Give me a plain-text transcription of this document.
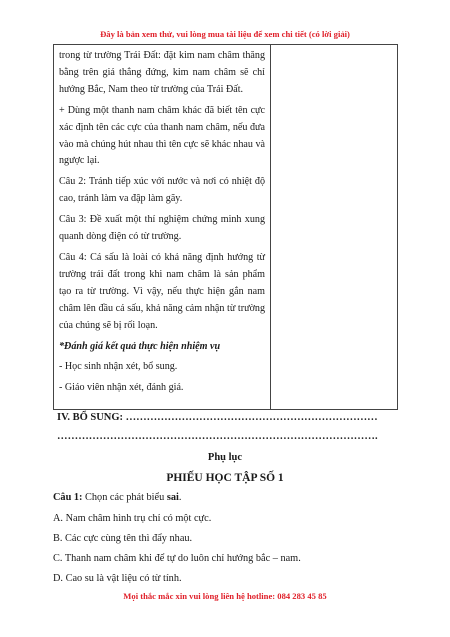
Đây là bản xem thử, vui lòng mua tài liệu để xem chi tiết (có lời giải)

trong từ trường Trái Đất: đặt kim nam châm thăng bằng trên giá thẳng đứng, kim nam châm sẽ chỉ hướng Bắc, Nam theo từ trường của Trái Đất.

+ Dùng một thanh nam châm khác đã biết tên cực xác định tên các cực của thanh nam châm, nếu đưa vào mà chúng hút nhau thì tên cực sẽ khác nhau và ngược lại.

Câu 2: Tránh tiếp xúc với nước và nơi có nhiệt độ cao, tránh làm va đập làm gãy.

Câu 3: Đề xuất một thí nghiệm chứng minh xung quanh dòng điện có từ trường.

Câu 4: Cá sấu là loài có khả năng định hướng từ trường trái đất trong khi nam châm là sản phẩm tạo ra từ trường. Vì vậy, nếu thực hiện gắn nam châm lên đầu cá sấu, khả năng cảm nhận từ trường của chúng sẽ bị rối loạn.

*Đánh giá kết quả thực hiện nhiệm vụ

- Học sinh nhận xét, bổ sung.

- Giáo viên nhận xét, đánh giá.

IV. BỔ SUNG: ………………………………………………………………
……………………………………………………………………………….
Phụ lục
PHIẾU HỌC TẬP SỐ 1
Câu 1: Chọn các phát biểu sai.
A. Nam châm hình trụ chỉ có một cực.
B. Các cực cùng tên thì đẩy nhau.
C. Thanh nam châm khi để tự do luôn chỉ hướng bắc – nam.
D. Cao su là vật liệu có từ tính.
Mọi thắc mắc xin vui lòng liên hệ hotline: 084 283 45 85
